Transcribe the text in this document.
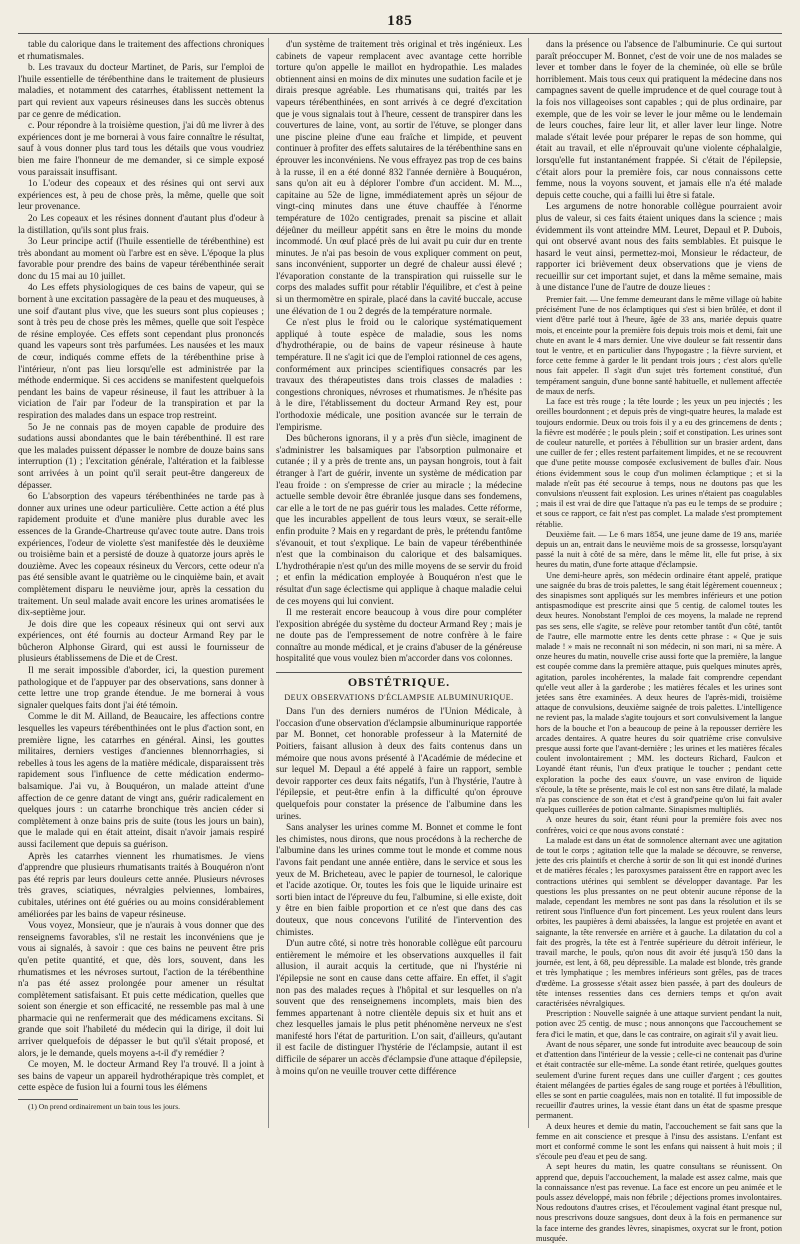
185

table du calorique dans le traitement des affections chroniques et rhumatismales.

b. Les travaux du docteur Martinet, de Paris, sur l'emploi de l'huile essentielle de térébenthine dans le traitement de plusieurs maladies, et notamment des catarrhes, établissent nettement la part qui revient aux vapeurs résineuses dans les succès obtenus par ce genre de médication.

c. Pour répondre à la troisième question, j'ai dû me livrer à des expériences dont je me bornerai à vous faire connaître le résultat, sauf à vous donner plus tard tous les détails que vous voudriez bien me faire l'honneur de me demander, si ce simple exposé vous paraissait insuffisant.

1o L'odeur des copeaux et des résines qui ont servi aux expériences est, à peu de chose près, la même, quelle que soit leur provenance.

2o Les copeaux et les résines donnent d'autant plus d'odeur à la distillation, qu'ils sont plus frais.

3o Leur principe actif (l'huile essentielle de térébenthine) est très abondant au moment où l'arbre est en sève. L'époque la plus favorable pour prendre des bains de vapeur térébenthinée serait donc du 15 mai au 10 juillet.

4o Les effets physiologiques de ces bains de vapeur, qui se bornent à une excitation passagère de la peau et des muqueuses, à une soif d'autant plus vive, que les sueurs sont plus copieuses ; sont à très peu de chose près les mêmes, quelle que soit l'espèce de résine employée. Ces effets sont cependant plus prononcés quand les vapeurs sont très parfumées. Les nausées et les maux de cœur, indiqués comme effets de la térébenthine prise à l'intérieur, n'ont pas lieu lorsqu'elle est administrée par la méthode endermique. Si ces accidens se manifestent quelquefois pendant les bains de vapeur résineuse, il faut les attribuer à la viciation de l'air par l'odeur de la transpiration et par la respiration des malades dans un espace trop restreint.

5o Je ne connais pas de moyen capable de produire des sudations aussi abondantes que le bain térébenthiné. Il est rare que les malades puissent dépasser le nombre de douze bains sans interruption (1) ; l'excitation générale, l'altération et la faiblesse sont arrivées à un point qu'il serait peut-être dangereux de dépasser.

6o L'absorption des vapeurs térébenthinées ne tarde pas à donner aux urines une odeur particulière. Cette action a été plus rapidement produite et d'une manière plus durable avec les essences de la Grande-Chartreuse qu'avec toute autre. Dans trois expériences, l'odeur de violette s'est manifestée dès le deuxième ou troisième bain et a persisté de douze à quatorze jours après le douzième. Avec les copeaux résineux du Vercors, cette odeur n'a pas été sensible avant le quatrième ou le cinquième bain, et avait complètement disparu le neuvième jour, après la cessation du traitement. Un seul malade avait encore les urines aromatisées le dix-septième jour.

Je dois dire que les copeaux résineux qui ont servi aux expériences, ont été fournis au docteur Armand Rey par le bûcheron Alphonse Girard, qui est aussi le fournisseur de plusieurs établissemens de Die et de Crest.

Il me serait impossible d'aborder, ici, la question purement pathologique et de l'appuyer par des observations, sans donner à cette lettre une trop grande étendue. Je me bornerai à vous signaler quelques faits dont j'ai été témoin.

Comme le dit M. Ailland, de Beaucaire, les affections contre lesquelles les vapeurs térébenthinées ont le plus d'action sont, en première ligne, les catarrhes en général. Ainsi, les gouttes militaires, derniers vestiges d'anciennes blennorrhagies, si rebelles à tous les agens de la matière médicale, disparaissent très rapidement sous l'influence de cette médication endermo-balsamique. J'ai vu, à Bouquéron, un malade atteint d'une affection de ce genre datant de vingt ans, guérir radicalement en quelques jours : un catarrhe bronchique très ancien céder si complètement à onze bains pris de suite (tous les jours un bain), que le malade qui en était atteint, disait n'avoir jamais respiré aussi facilement que depuis sa guérison.

Après les catarrhes viennent les rhumatismes. Je viens d'apprendre que plusieurs rhumatisants traités à Bouquéron n'ont pas été repris par leurs douleurs cette année. Plusieurs névroses très graves, sciatiques, névralgies pelviennes, lombaires, cubitales, utérines ont été guéries ou au moins considérablement améliorées par les bains de vapeur résineuse.

Vous voyez, Monsieur, que je n'aurais à vous donner que des renseignems favorables, s'il ne restait les inconvéniens que je vous ai signalés, à savoir : que ces bains ne peuvent être pris qu'en petite quantité, et que, dès lors, souvent, dans les rhumatismes et les névroses surtout, l'action de la térébenthine n'a pas été assez prolongée pour amener un résultat complètement satisfaisant. Et puis cette médication, quelles que soient son énergie et son efficacité, ne ressemble pas mal à une pharmacie qui ne renfermerait que des médicamens excitans. Si grande que soit l'habileté du médecin qui la dirige, il doit lui arriver quelquefois de dépasser le but qu'il s'était proposé, et alors, je le demande, quels moyens a-t-il d'y remédier ?

Ce moyen, M. le docteur Armand Rey l'a trouvé. Il a joint à ses bains de vapeur un appareil hydrothérapique très complet, et cette espèce de fusion lui a fourni tous les élémens

(1) On prend ordinairement un bain tous les jours.

d'un système de traitement très original et très ingénieux. Les cabinets de vapeur remplacent avec avantage cette horrible torture qu'on appelle le maillot en hydropathie. Les malades obtiennent ainsi en moins de dix minutes une sudation facile et je dirais presque agréable. Les rhumatisans qui, traités par les vapeurs térébenthinées, en sont arrivés à ce degré d'excitation que je vous signalais tout à l'heure, cessent de transpirer dans les couvertures de laine, vont, au sortir de l'étuve, se plonger dans une piscine pleine d'une eau fraîche et limpide, et peuvent continuer à profiter des effets salutaires de la térébenthine sans en éprouver les inconvéniens. Ne vous effrayez pas trop de ces bains à la russe, il en a été donné 832 l'année dernière à Bouquéron, sans qu'on ait eu à déplorer l'ombre d'un accident. M. M..., capitaine au 52e de ligne, immédiatement après un séjour de vingt-cinq minutes dans une étuve chauffée à l'énorme température de 102o centigrades, prenait sa piscine et allait déjeûner du meilleur appétit sans en être le moins du monde incommodé. Un œuf placé près de lui avait pu cuir dur en trente minutes. Je n'ai pas besoin de vous expliquer comment on peut, sans inconvénient, supporter un degré de chaleur aussi élevé ; l'évaporation constante de la transpiration qui ruisselle sur le corps des malades suffit pour rétablir l'équilibre, et c'est à peine si un thermomètre en spirale, placé dans la cavité buccale, accuse une élévation de 1 ou 2 degrés de la température normale.

Ce n'est plus le froid ou le calorique systématiquement appliqué à toute espèce de maladie, sous les noms d'hydrothérapie, ou de bains de vapeur résineuse à haute température. Il ne s'agit ici que de l'emploi rationnel de ces agens, conformément aux principes scientifiques consacrés par les travaux des thérapeutistes dans trois classes de maladies : congestions chroniques, névroses et rhumatismes. Je n'hésite pas à le dire, l'établissement du docteur Armand Rey est, pour l'orthodoxie médicale, une position avancée sur le terrain de l'empirisme.

Des bûcherons ignorans, il y a près d'un siècle, imaginent de s'administrer les balsamiques par l'absorption pulmonaire et cutanée ; il y a près de trente ans, un paysan hongrois, tout à fait étranger à l'art de guérir, invente un système de médication par l'eau froide : on s'empresse de crier au miracle ; la médecine actuelle semble devoir être ébranlée jusque dans ses fondemens, car elle a le tort de ne pas guérir tous les malades. Cette réforme, que les incurables appellent de tous leurs vœux, se serait-elle enfin produite ? Mais en y regardant de près, le prétendu fantôme s'évanouit, et tout s'explique. Le bain de vapeur térébenthinée n'est que la combinaison du calorique et des balsamiques. L'hydrothérapie n'est qu'un des mille moyens de se servir du froid ; et enfin la médication employée à Bouquéron n'est que le résultat d'un sage éclectisme qui applique à chaque maladie celui de ces moyens qui lui convient.

Il me resterait encore beaucoup à vous dire pour compléter l'exposition abrégée du système du docteur Armand Rey ; mais je ne doute pas de l'empressement de notre confrère à le faire connaître au monde médical, et je crains d'abuser de la généreuse hospitalité que vous voulez bien m'accorder dans vos colonnes.

OBSTÉTRIQUE.
DEUX OBSERVATIONS D'ÉCLAMPSIE ALBUMINURIQUE.

Dans l'un des derniers numéros de l'Union Médicale, à l'occasion d'une observation d'éclampsie albuminurique rapportée par M. Bonnet, cet honorable professeur à la Maternité de Poitiers, faisant allusion à deux des faits contenus dans un mémoire que nous avons présenté à l'Académie de médecine et sur lequel M. Depaul a été appelé à faire un rapport, semble devoir rapporter ces deux faits négatifs, l'un à l'hystérie, l'autre à l'épilepsie, et peut-être enfin à la difficulté qu'on éprouve quelquefois pour constater la présence de l'albumine dans les urines.

Sans analyser les urines comme M. Bonnet et comme le font les chimistes, nous dirons, que nous procédons à la recherche de l'albumine dans les urines comme tout le monde et comme nous l'avons fait pendant une année entière, dans le service et sous les yeux de M. Bricheteau, avec le papier de tournesol, le calorique et l'acide azotique. Or, toutes les fois que le liquide urinaire est sorti bien intact de l'épreuve du feu, l'albumine, si elle existe, doit y être en bien faible proportion et ce n'est que dans des cas douteux, que nous concevons l'utilité de l'intervention des chimistes.

D'un autre côté, si notre très honorable collègue eût parcouru entièrement le mémoire et les observations auxquelles il fait allusion, il aurait acquis la certitude, que ni l'hystérie ni l'épilepsie ne sont en cause dans cette affaire. En effet, il s'agit non pas des malades reçues à l'hôpital et sur lesquelles on n'a souvent que des renseignemens incomplets, mais bien des femmes appartenant à notre clientèle depuis six et huit ans et chez lesquelles jamais le plus petit phénomène nerveux ne s'est manifesté hors l'état de parturition. L'on sait, d'ailleurs, qu'autant il est facile de distinguer l'hystérie de l'éclampsie, autant il est difficile de séparer un accès d'éclampsie d'une attaque d'épilepsie, à moins qu'on ne veuille trouver cette différence

dans la présence ou l'absence de l'albuminurie. Ce qui surtout paraît préoccuper M. Bonnet, c'est de voir une de nos malades se lever et tomber dans le foyer de la cheminée, où elle se brûle horriblement. Mais tous ceux qui pratiquent la médecine dans nos campagnes savent de quelle imprudence et de quel courage tout à la fois nos villageoises sont capables ; qui de plus ordinaire, par exemple, que de les voir se lever le jour même ou le lendemain de leurs couches, faire leur lit, et aller laver leur linge. Notre malade s'était levée pour préparer le repas de son homme, qui était au travail, et elle n'éprouvait qu'une violente céphalalgie, lorsqu'elle fut instantanément frappée. Si c'était de l'épilepsie, c'était alors pour la première fois, car nous connaissons cette femme, nous la voyons souvent, et jamais elle n'a été malade depuis cette couche, qui a failli lui être si fatale.

Les argumens de notre honorable collègue pourraient avoir plus de valeur, si ces faits étaient uniques dans la science ; mais évidemment ils vont atteindre MM. Leuret, Depaul et P. Dubois, qui ont observé avant nous des faits semblables. Et puisque le hasard le veut ainsi, permettez-moi, Monsieur le rédacteur, de rapporter ici brièvement deux observations que je viens de recueillir sur cet important sujet, et dans la même semaine, mais à une distance l'une de l'autre de douze lieues :

Premier fait. — Une femme demeurant dans le même village où habite précisément l'une de nos éclamptiques qui s'est si bien brûlée, et dont il vient d'être parlé tout à l'heure, âgée de 33 ans, mariée depuis quatre mois, et enceinte pour la première fois depuis trois mois et demi, fait une chute en avant le 4 mars dernier. Une vive douleur se fait ressentir dans tout le ventre, et en particulier dans l'hypogastre ; la fièvre survient, et force cette femme à garder le lit pendant trois jours ; c'est alors qu'elle nous fait appeler. Il s'agit d'un sujet très fortement constitué, d'un tempérament sanguin, d'une bonne santé habituelle, et nullement affectée de maux de nerfs.

La face est très rouge ; la tête lourde ; les yeux un peu injectés ; les oreilles bourdonnent ; et depuis près de vingt-quatre heures, la malade est toujours endormie. Deux ou trois fois il y a eu des grincemens de dents ; la fièvre est modérée ; le pouls plein ; soif et constipation. Les urines sont de couleur naturelle, et portées à l'ébullition sur un brasier ardent, dans une cuiller de fer ; elles restent parfaitement limpides, et ne se recouvrent que d'une petite mousse composée exclusivement de bulles d'air. Nous étions évidemment sous le coup d'un molimen éclamptique ; et si la malade n'eût pas été secourue à temps, nous ne doutons pas que les convulsions n'eussent fait explosion. Les urines n'étaient pas coagulables ; mais il est vrai de dire que l'attaque n'a pas eu le temps de se produire ; et sous ce rapport, ce fait n'est pas complet. La malade s'est promptement rétablie.

Deuxième fait. — Le 6 mars 1854, une jeune dame de 19 ans, mariée depuis un an, entrait dans le neuvième mois de sa grossesse, lorsqu'ayant passé la nuit à côté de sa mère, dans le même lit, elle fut prise, à six heures du matin, d'une forte attaque d'éclampsie.

Une demi-heure après, son médecin ordinaire étant appelé, pratique une saignée du bras de trois palettes, le sang était légèrement couenneux ; des sinapismes sont appliqués sur les membres inférieurs et une potion antispasmodique est prescrite ainsi que 5 centig. de calomel toutes les deux heures. Nonobstant l'emploi de ces moyens, la malade ne reprend pas ses sens, elle s'agite, se relève pour retomber tantôt d'un côté, tantôt de l'autre, elle marmotte entre les dents cette phrase : « Que je suis malade ! » mais ne reconnaît ni son médecin, ni son mari, ni sa mère. A onze heures du matin, nouvelle crise aussi forte que la première, la langue est coupée comme dans la première attaque, puis quelques minutes après, agitation, paroles incohérentes, la malade fait comprendre cependant qu'elle veut aller à la garderobe ; les matières fécales et les urines sont jetées sans être examinées. A deux heures de l'après-midi, troisième attaque de convulsions, deuxième saignée de trois palettes. L'intelligence ne revient pas, la malade s'agite toujours et sort convulsivement la langue hors de la bouche et l'on a beaucoup de peine à la repousser derrière les arcades dentaires. A quatre heures du soir quatrième crise convulsive presque aussi forte que l'avant-dernière ; les urines et les matières fécales coulent involontairement ; MM. les docteurs Richard, Faulcon et Loyandé étant réunis, l'un d'eux pratique le toucher ; pendant cette exploration la poche des eaux s'ouvre, un vase environ de liquide s'écoule, la tête se présente, mais le col est non sans être dilaté, la malade n'a pas conscience de son état et c'est à grand'peine qu'on lui fait avaler quelques cuillerées de potion calmante. Sinapismes multipliés.

A onze heures du soir, étant réuni pour la première fois avec nos confrères, voici ce que nous avons constaté :

La malade est dans un état de somnolence alternant avec une agitation de tout le corps ; agitation telle que la malade se découvre, se renverse, jette des cris plaintifs et cherche à sortir de son lit qui est inondé d'urines et de matières fécales ; les paroxysmes paraissent être en rapport avec les contractions utérines qui semblent se développer davantage. Par les questions les plus pressantes on ne peut obtenir aucune réponse de la malade, cependant les membres ne sont pas dans la résolution et ils se retirent sous l'influence d'un fort pincement. Les yeux roulent dans leurs orbites, les paupières à demi abaissées, la langue est projetée en avant et saignante, la tête renversée en arrière et à gauche. La dilatation du col a fait des progrès, la tête est à l'entrée supérieure du détroit inférieur, le travail marche, le pouls, qu'on nous dit avoir été jusqu'à 150 dans la journée, est lent, à 68, peu dépressible. La malade est blonde, très grande et très lymphatique ; les membres inférieurs sont grêles, pas de traces d'œdème. La grossesse s'était assez bien passée, à part des douleurs de tête intenses ressenties dans ces derniers temps et qu'on avait caractérisées névralgiques.

Prescription : Nouvelle saignée à une attaque survient pendant la nuit, potion avec 25 centig. de musc ; nous annonçons que l'accouchement se fera d'ici le matin, et que, dans le cas contraire, on agirait s'il y avait lieu.

Avant de nous séparer, une sonde fut introduite avec beaucoup de soin et d'attention dans l'intérieur de la vessie ; celle-ci ne contenait pas d'urine et était contractée sur elle-même. La sonde étant retirée, quelques gouttes seulement d'urine furent reçues dans une cuiller d'argent ; ces gouttes étaient mélangées de parties égales de sang rouge et portées à l'ébullition, elles se sont en partie coagulées, mais non en totalité. Il fut impossible de recueillir d'autres urines, la vessie étant dans un état de spasme presque permanent.

A deux heures et demie du matin, l'accouchement se fait sans que la femme en ait conscience et presque à l'insu des assistans. L'enfant est mort et conformé comme le sont les enfans qui naissent à huit mois ; il s'écoule peu d'eau et peu de sang.

A sept heures du matin, les quatre consultans se réunissent. On apprend que, depuis l'accouchement, la malade est assez calme, mais que la connaissance n'est pas revenue. La face est encore un peu animée et le pouls assez développé, mais non fébrile ; déjections promes involontaires. Nous redoutons d'autres crises, et l'écoulement vaginal étant presque nul, nous prescrivons douze sangsues, dont deux à la fois en permanence sur la face interne des grandes lèvres, sinapismes, oxycrat sur le front, potion musquée.
